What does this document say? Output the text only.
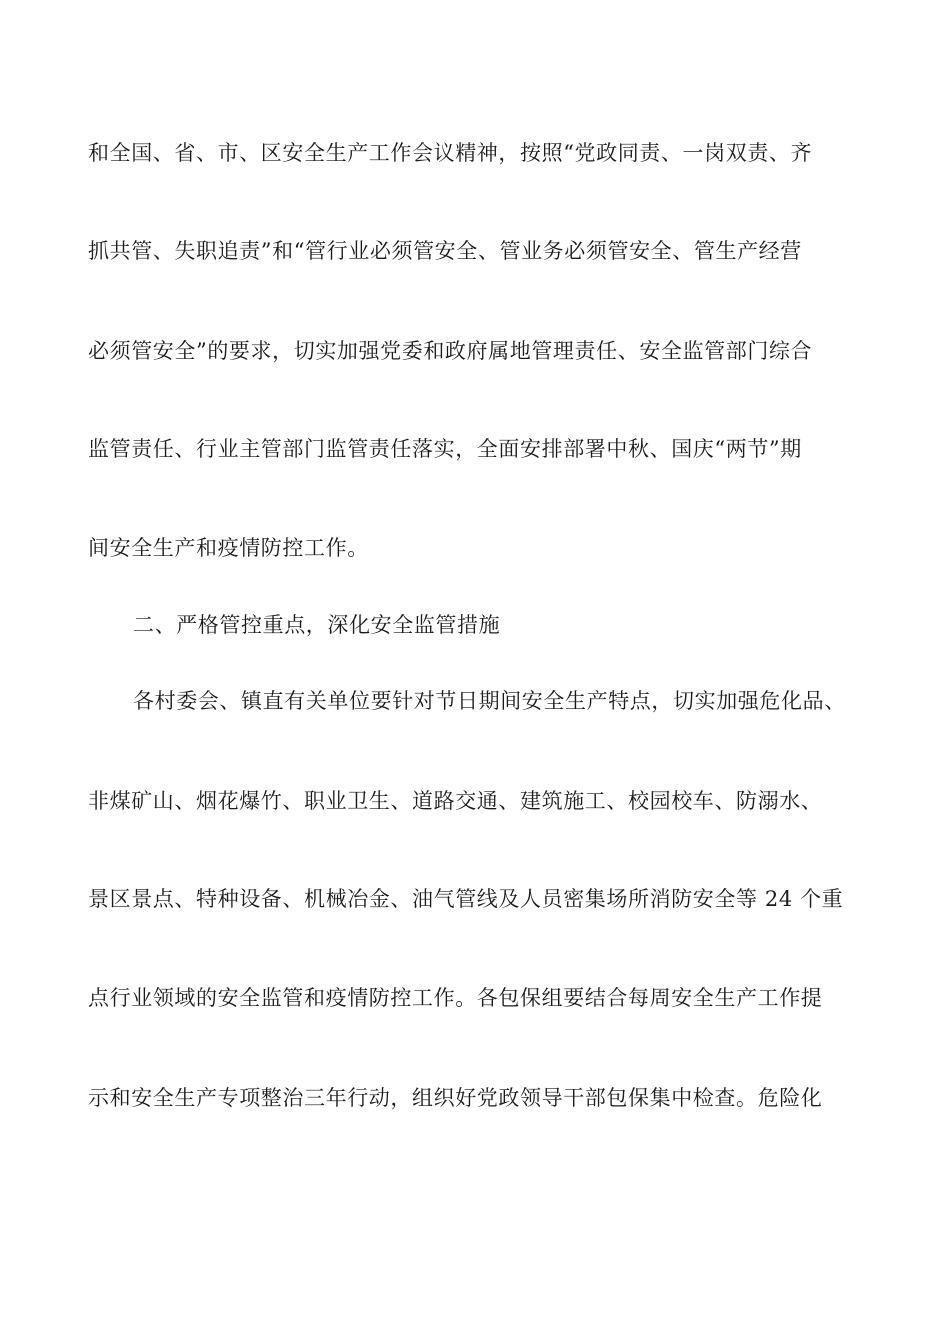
和全国、省、市、区安全生产工作会议精神，按照“党政同责、一岗双责、齐
抓共管、失职追责”和“管行业必须管安全、管业务必须管安全、管生产经营
必须管安全”的要求，切实加强党委和政府属地管理责任、安全监管部门综合
监管责任、行业主管部门监管责任落实，全面安排部署中秋、国庆“两节”期
间安全生产和疫情防控工作。
二、严格管控重点，深化安全监管措施
各村委会、镇直有关单位要针对节日期间安全生产特点，切实加强危化品、
非煤矿山、烟花爆竹、职业卫生、道路交通、建筑施工、校园校车、防溺水、
景区景点、特种设备、机械冶金、油气管线及人员密集场所消防安全等 24 个重
点行业领域的安全监管和疫情防控工作。各包保组要结合每周安全生产工作提
示和安全生产专项整治三年行动，组织好党政领导干部包保集中检查。危险化
